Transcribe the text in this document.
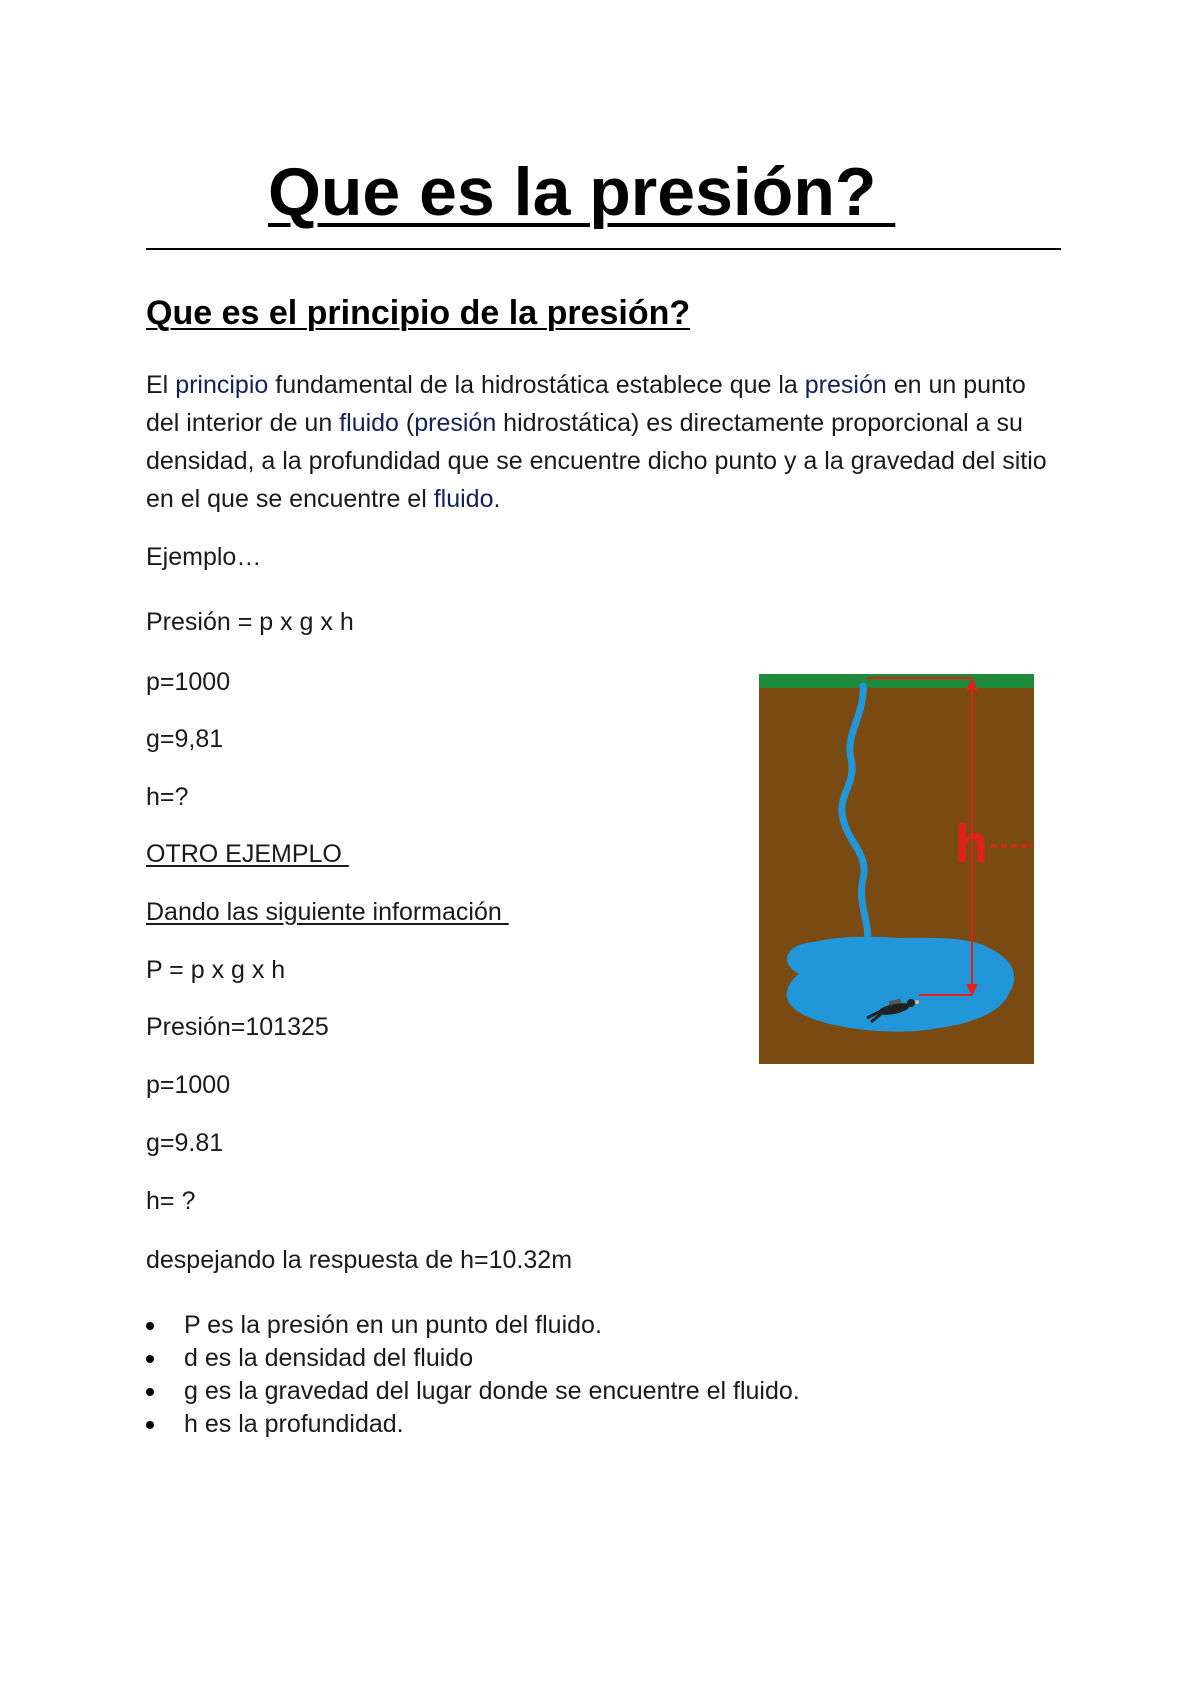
Que es la presión?
Que es el principio de la presión?

El principio fundamental de la hidrostática establece que la presión en un punto del interior de un fluido (presión hidrostática) es directamente proporcional a su densidad, a la profundidad que se encuentre dicho punto y a la gravedad del sitio en el que se encuentre el fluido.

Ejemplo…

Presión = p x g x h

p=1000

g=9,81

h=?

OTRO EJEMPLO

Dando las siguiente información

P = p x g x h

Presión=101325

p=1000

g=9.81

h= ?

despejando la respuesta de h=10.32m

P es la presión en un punto del fluido.
d es la densidad del fluido
g es la gravedad del lugar donde se encuentre el fluido.
h es la profundidad.
h
